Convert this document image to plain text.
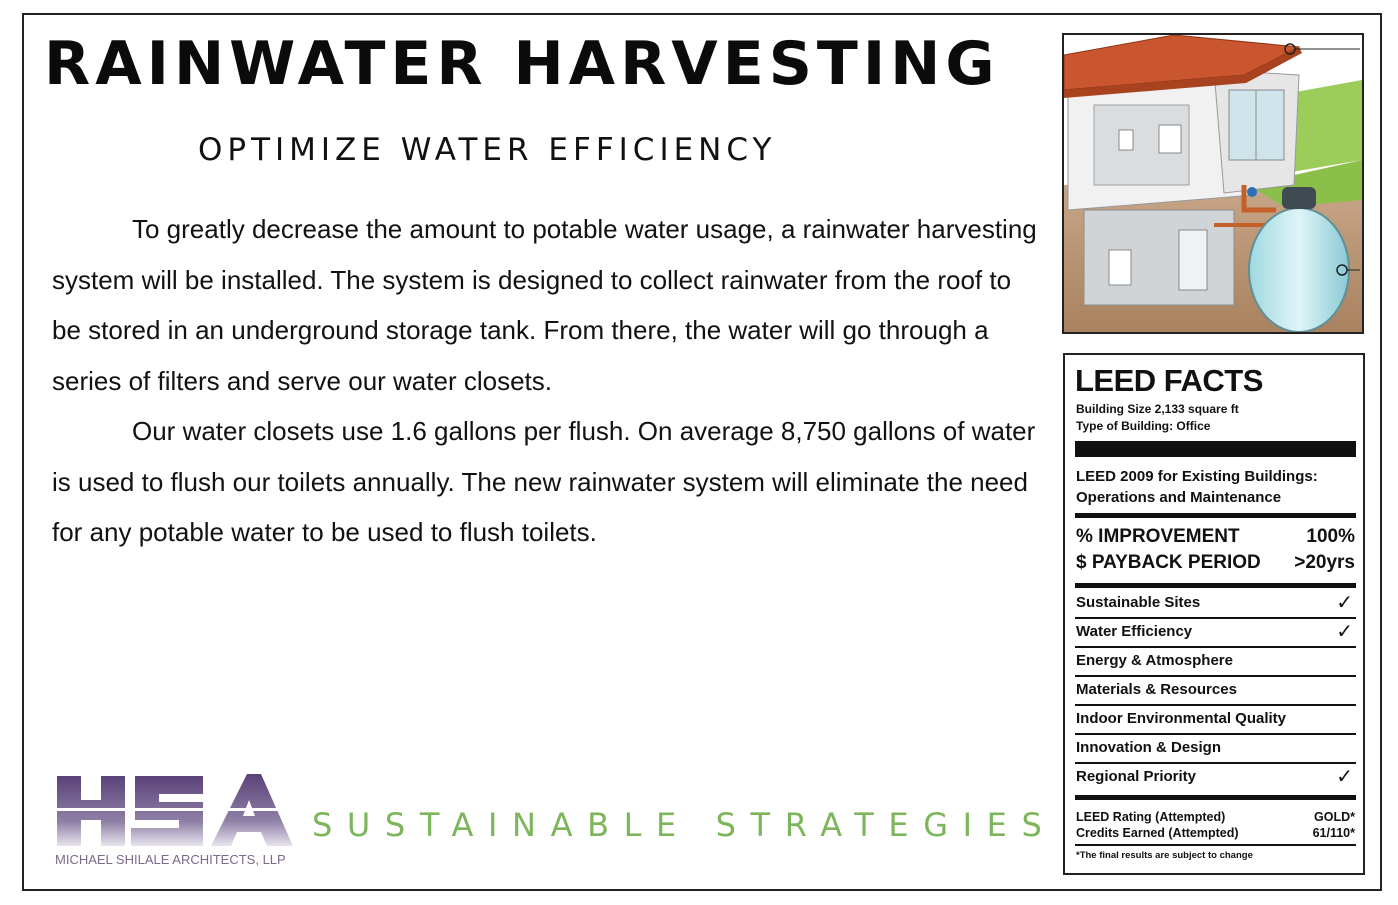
RAINWATER HARVESTING
OPTIMIZE WATER EFFICIENCY

To greatly decrease the amount to potable water usage, a rainwater harvesting system will be installed. The system is designed to collect rainwater from the roof to be stored in an underground storage tank. From there, the water will go through a series of filters and serve our water closets.

Our water closets use 1.6 gallons per flush. On average 8,750 gallons of water is used to flush our toilets annually. The new rainwater system will eliminate the need for any potable water to be used to flush toilets.

MICHAEL SHILALE ARCHITECTS, LLP
SUSTAINABLE STRATEGIES
LEED FACTS
Building Size 2,133 square ft
Type of Building: Office
LEED 2009 for Existing Buildings:
Operations and Maintenance
% IMPROVEMENT	100%
$ PAYBACK PERIOD >20yrs
Sustainable Sites	✓
Water Efficiency	✓
Energy & Atmosphere
Materials & Resources
Indoor Environmental Quality
Innovation & Design
Regional Priority	✓
LEED Rating (Attempted)	GOLD*
Credits Earned (Attempted)	61/110*
*The final results are subject to change
